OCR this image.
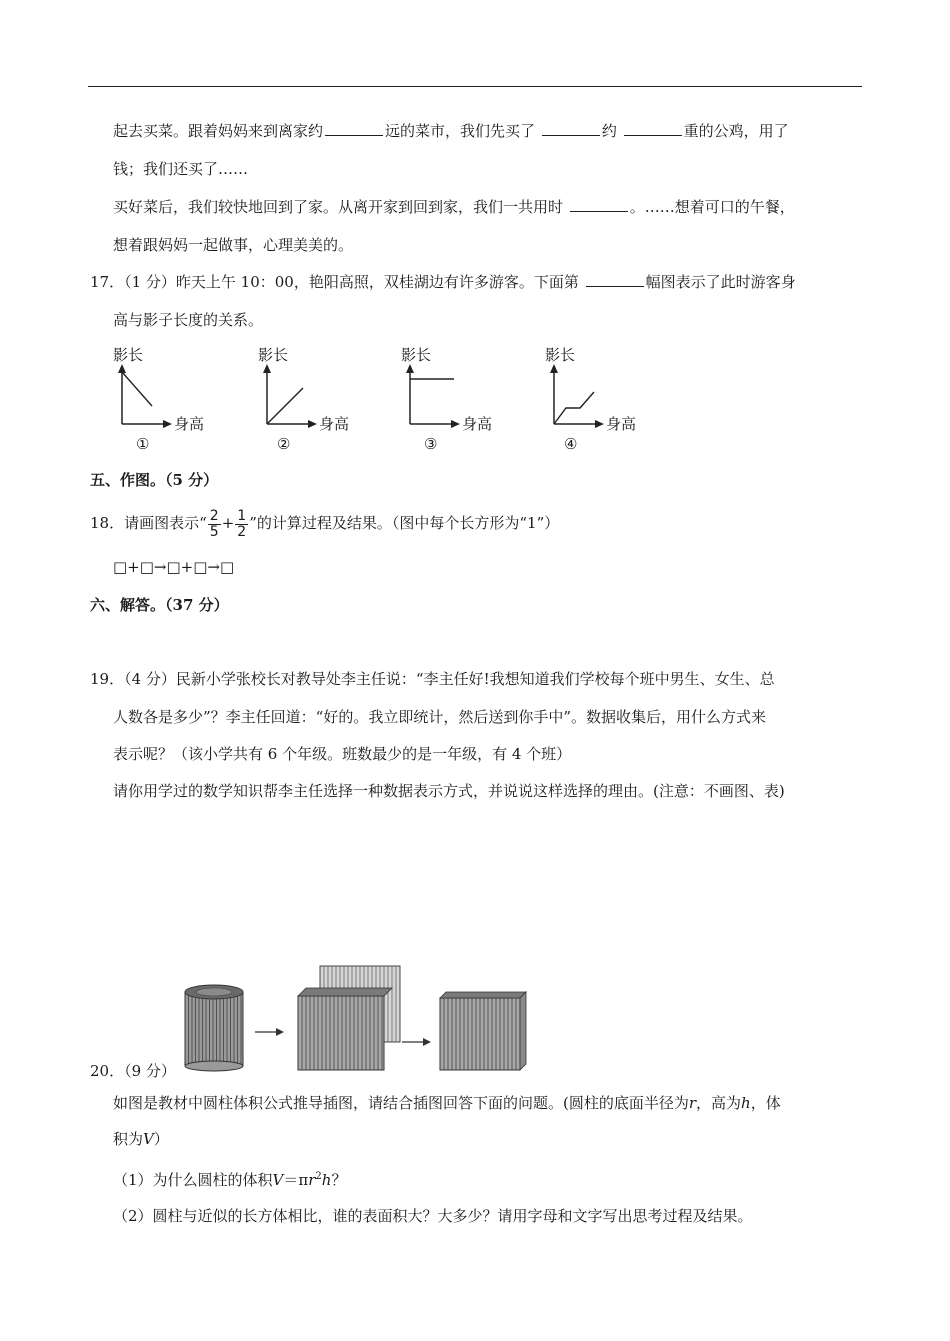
起去买菜。跟着妈妈来到离家约	远的菜市，我们先买了	约	重的公鸡，用了
钱；我们还买了……
买好菜后，我们较快地回到了家。从离开家到回到家，我们一共用时	。……想着可口的午餐，
想着跟妈妈一起做事，心理美美的。
17．（1 分）昨天上午 10：00，艳阳高照，双桂湖边有许多游客。下面第	幅图表示了此时游客身
高与影子长度的关系。
影长
身高
①
影长
身高
②
影长
身高
③
影长
身高
④
五、作图。（5 分）
18．请画图表示“ $\frac{2}{5} + \frac{1}{2}$ ”的计算过程及结果。（图中每个长方形为“1”）
□+□→□+□→□
六、解答。（37 分）
19．（4 分）民新小学张校长对教导处李主任说：“李主任好!我想知道我们学校每个班中男生、女生、总
人数各是多少”？李主任回道：“好的。我立即统计，然后送到你手中”。数据收集后，用什么方式来
表示呢？（该小学共有 6 个年级。班数最少的是一年级，有 4 个班）
请你用学过的数学知识帮李主任选择一种数据表示方式，并说说这样选择的理由。(注意：不画图、表)
20．（9 分）
如图是教材中圆柱体积公式推导插图，请结合插图回答下面的问题。(圆柱的底面半径为r，高为h，体
积为V）
（1）为什么圆柱的体积$V=\pi r^2h$？
（2）圆柱与近似的长方体相比，谁的表面积大？大多少？请用字母和文字写出思考过程及结果。
